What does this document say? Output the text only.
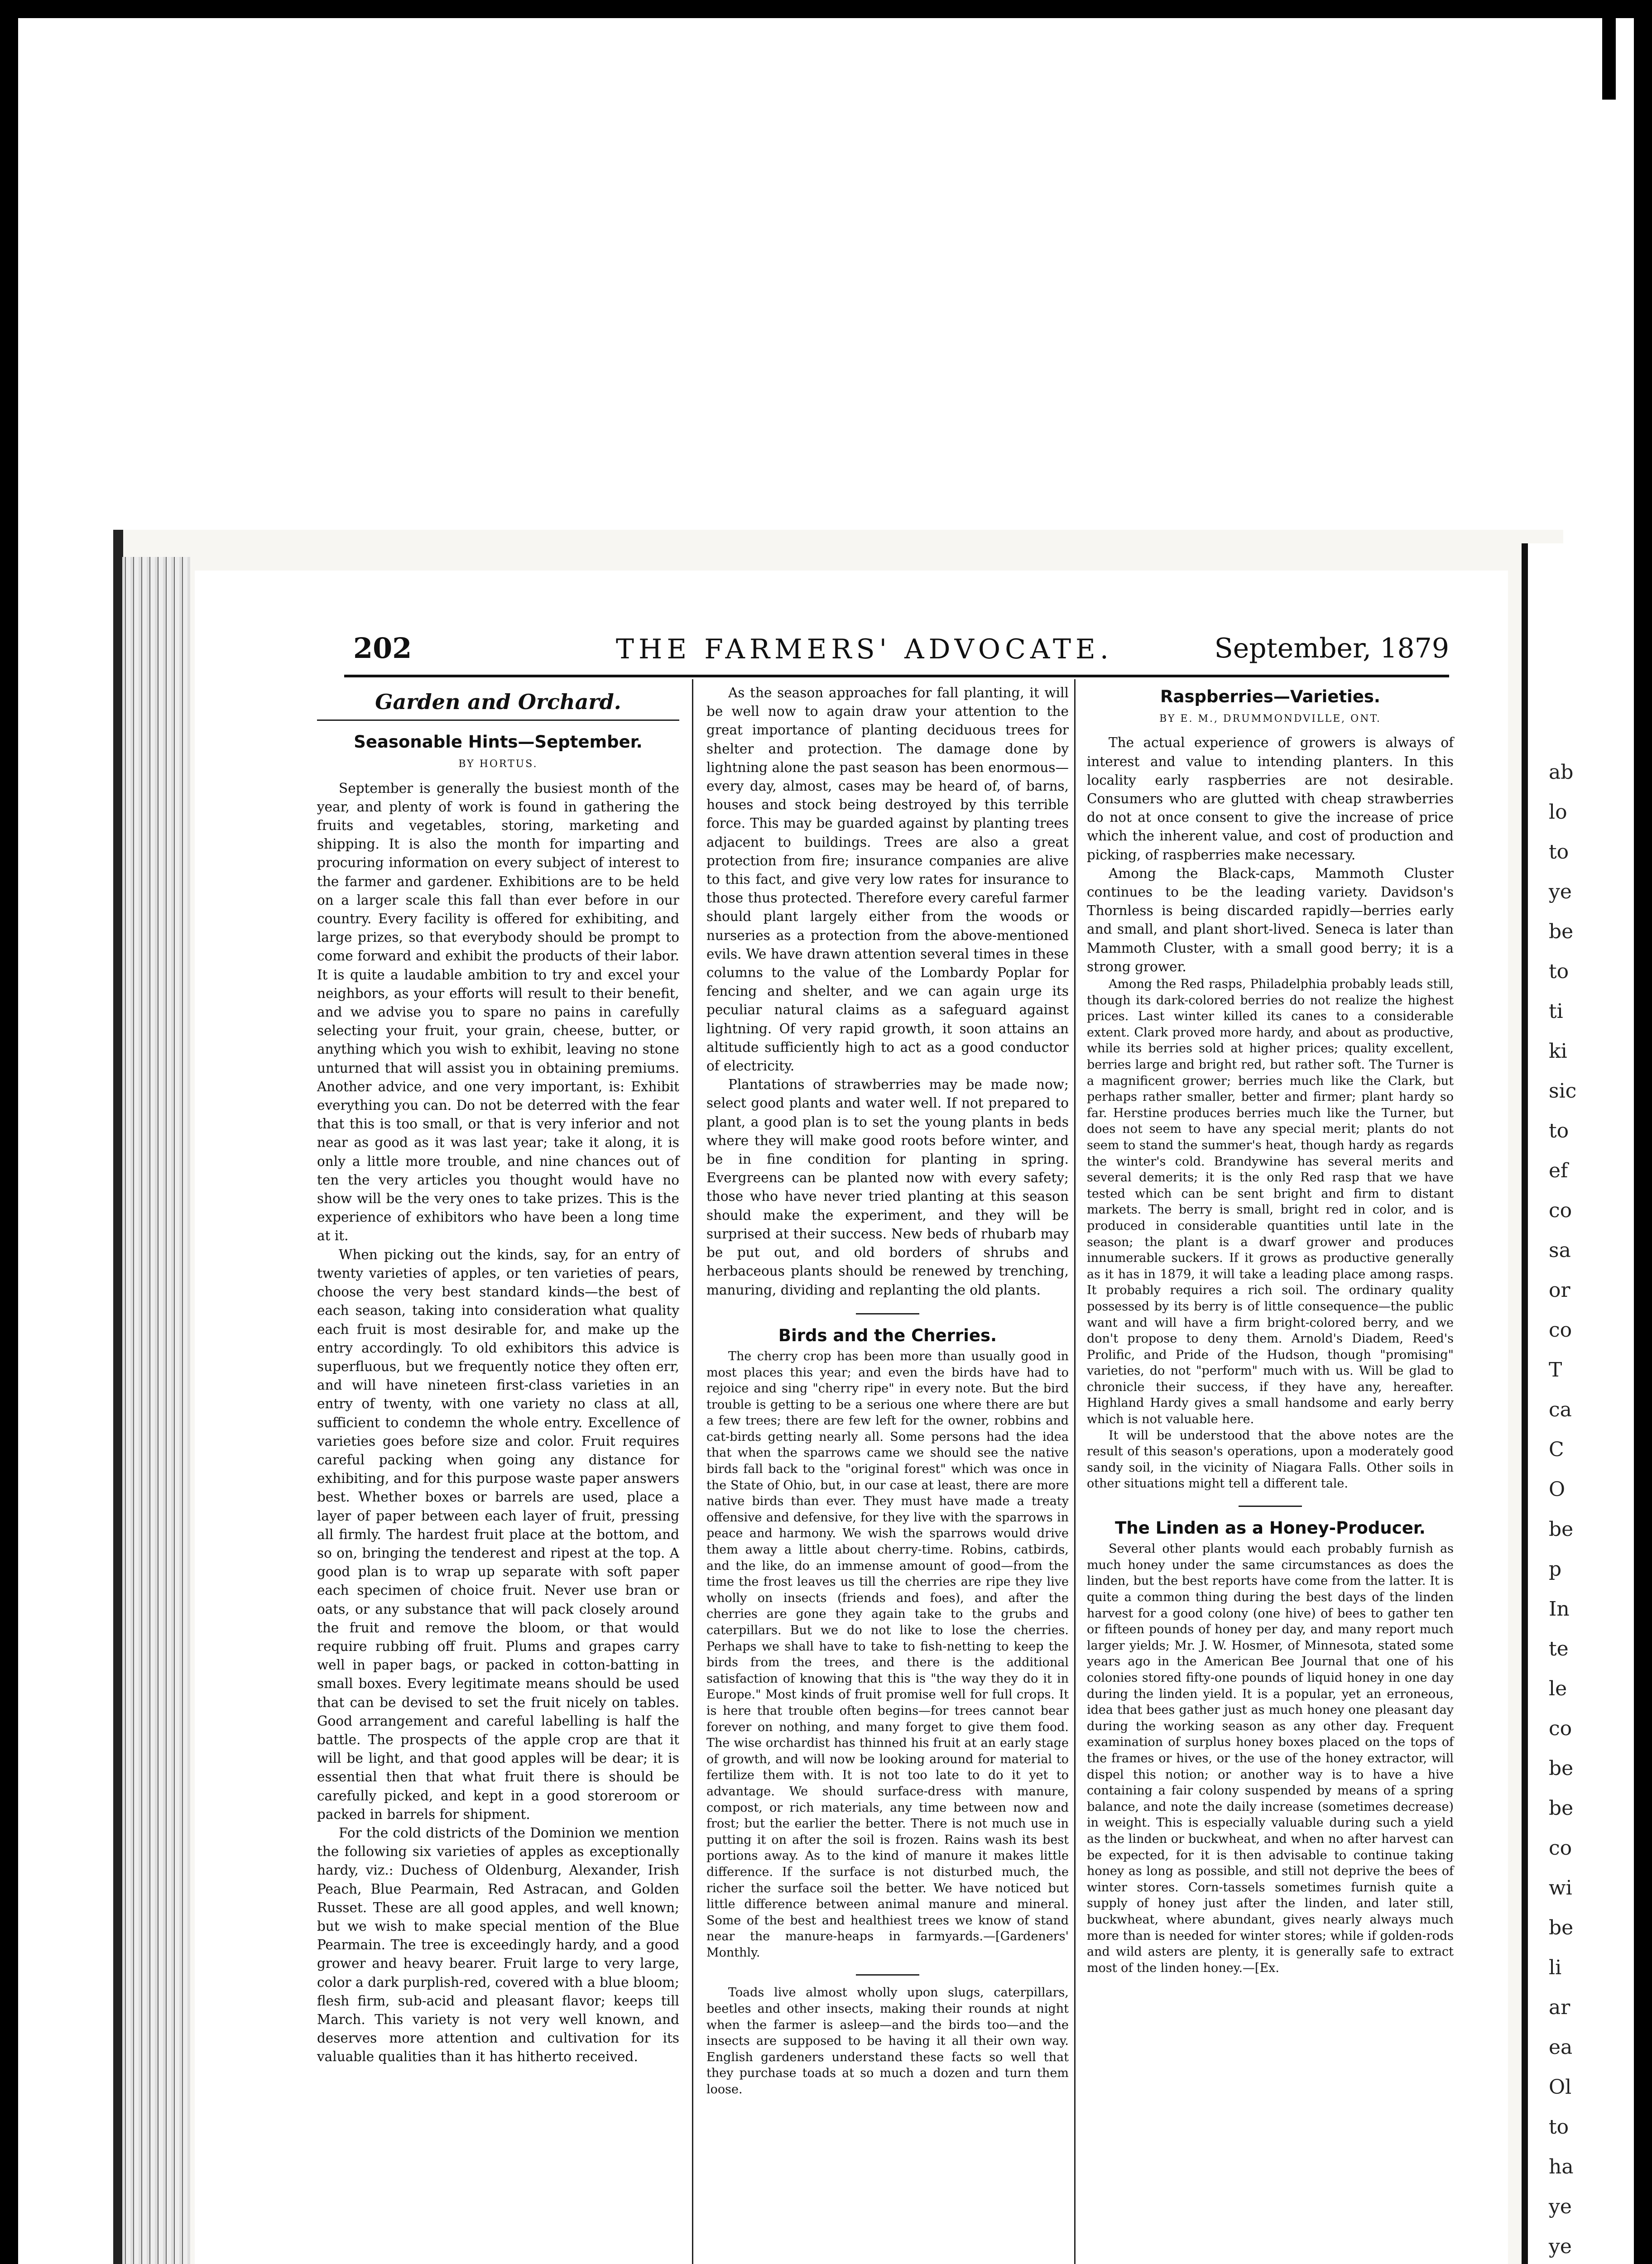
ab
lo
to
ye
be
to
ti
ki
sic
to
ef
co
sa
or
co
T
ca
C
O
be
p
In
te
le
co
be
be
co
wi
be
li
ar
ea
Ol
to
ha
ye
ye
202	THE FARMERS' ADVOCATE.	September, 1879
Garden and Orchard.
Seasonable Hints—September.
BY HORTUS.

September is generally the busiest month of the year, and plenty of work is found in gathering the fruits and vegetables, storing, marketing and shipping. It is also the month for imparting and procuring information on every subject of interest to the farmer and gardener. Exhibitions are to be held on a larger scale this fall than ever before in our country. Every facility is offered for exhibiting, and large prizes, so that everybody should be prompt to come forward and exhibit the products of their labor. It is quite a laudable ambition to try and excel your neighbors, as your efforts will result to their benefit, and we advise you to spare no pains in carefully selecting your fruit, your grain, cheese, butter, or anything which you wish to exhibit, leaving no stone unturned that will assist you in obtaining premiums. Another advice, and one very important, is: Exhibit everything you can. Do not be deterred with the fear that this is too small, or that is very inferior and not near as good as it was last year; take it along, it is only a little more trouble, and nine chances out of ten the very articles you thought would have no show will be the very ones to take prizes. This is the experience of exhibitors who have been a long time at it.

When picking out the kinds, say, for an entry of twenty varieties of apples, or ten varieties of pears, choose the very best standard kinds—the best of each season, taking into consideration what quality each fruit is most desirable for, and make up the entry accordingly. To old exhibitors this advice is superfluous, but we frequently notice they often err, and will have nineteen first-class varieties in an entry of twenty, with one variety no class at all, sufficient to condemn the whole entry. Excellence of varieties goes before size and color. Fruit requires careful packing when going any distance for exhibiting, and for this purpose waste paper answers best. Whether boxes or barrels are used, place a layer of paper between each layer of fruit, pressing all firmly. The hardest fruit place at the bottom, and so on, bringing the tenderest and ripest at the top. A good plan is to wrap up separate with soft paper each specimen of choice fruit. Never use bran or oats, or any substance that will pack closely around the fruit and remove the bloom, or that would require rubbing off fruit. Plums and grapes carry well in paper bags, or packed in cotton-batting in small boxes. Every legitimate means should be used that can be devised to set the fruit nicely on tables. Good arrangement and careful labelling is half the battle. The prospects of the apple crop are that it will be light, and that good apples will be dear; it is essential then that what fruit there is should be carefully picked, and kept in a good storeroom or packed in barrels for shipment.

For the cold districts of the Dominion we mention the following six varieties of apples as exceptionally hardy, viz.: Duchess of Oldenburg, Alexander, Irish Peach, Blue Pearmain, Red Astracan, and Golden Russet. These are all good apples, and well known; but we wish to make special mention of the Blue Pearmain. The tree is exceedingly hardy, and a good grower and heavy bearer. Fruit large to very large, color a dark purplish-red, covered with a blue bloom; flesh firm, sub-acid and pleasant flavor; keeps till March. This variety is not very well known, and deserves more attention and cultivation for its valuable qualities than it has hitherto received.

As the season approaches for fall planting, it will be well now to again draw your attention to the great importance of planting deciduous trees for shelter and protection. The damage done by lightning alone the past season has been enormous—every day, almost, cases may be heard of, of barns, houses and stock being destroyed by this terrible force. This may be guarded against by planting trees adjacent to buildings. Trees are also a great protection from fire; insurance companies are alive to this fact, and give very low rates for insurance to those thus protected. Therefore every careful farmer should plant largely either from the woods or nurseries as a protection from the above-mentioned evils. We have drawn attention several times in these columns to the value of the Lombardy Poplar for fencing and shelter, and we can again urge its peculiar natural claims as a safeguard against lightning. Of very rapid growth, it soon attains an altitude sufficiently high to act as a good conductor of electricity.

Plantations of strawberries may be made now; select good plants and water well. If not prepared to plant, a good plan is to set the young plants in beds where they will make good roots before winter, and be in fine condition for planting in spring. Evergreens can be planted now with every safety; those who have never tried planting at this season should make the experiment, and they will be surprised at their success. New beds of rhubarb may be put out, and old borders of shrubs and herbaceous plants should be renewed by trenching, manuring, dividing and replanting the old plants.

Birds and the Cherries.

The cherry crop has been more than usually good in most places this year; and even the birds have had to rejoice and sing "cherry ripe" in every note. But the bird trouble is getting to be a serious one where there are but a few trees; there are few left for the owner, robbins and cat-birds getting nearly all. Some persons had the idea that when the sparrows came we should see the native birds fall back to the "original forest" which was once in the State of Ohio, but, in our case at least, there are more native birds than ever. They must have made a treaty offensive and defensive, for they live with the sparrows in peace and harmony. We wish the sparrows would drive them away a little about cherry-time. Robins, catbirds, and the like, do an immense amount of good—from the time the frost leaves us till the cherries are ripe they live wholly on insects (friends and foes), and after the cherries are gone they again take to the grubs and caterpillars. But we do not like to lose the cherries. Perhaps we shall have to take to fish-netting to keep the birds from the trees, and there is the additional satisfaction of knowing that this is "the way they do it in Europe." Most kinds of fruit promise well for full crops. It is here that trouble often begins—for trees cannot bear forever on nothing, and many forget to give them food. The wise orchardist has thinned his fruit at an early stage of growth, and will now be looking around for material to fertilize them with. It is not too late to do it yet to advantage. We should surface-dress with manure, compost, or rich materials, any time between now and frost; but the earlier the better. There is not much use in putting it on after the soil is frozen. Rains wash its best portions away. As to the kind of manure it makes little difference. If the surface is not disturbed much, the richer the surface soil the better. We have noticed but little difference between animal manure and mineral. Some of the best and healthiest trees we know of stand near the manure-heaps in farmyards.—[Gardeners' Monthly.

Toads live almost wholly upon slugs, caterpillars, beetles and other insects, making their rounds at night when the farmer is asleep—and the birds too—and the insects are supposed to be having it all their own way. English gardeners understand these facts so well that they purchase toads at so much a dozen and turn them loose.

Raspberries—Varieties.
BY E. M., DRUMMONDVILLE, ONT.

The actual experience of growers is always of interest and value to intending planters. In this locality early raspberries are not desirable. Consumers who are glutted with cheap strawberries do not at once consent to give the increase of price which the inherent value, and cost of production and picking, of raspberries make necessary.

Among the Black-caps, Mammoth Cluster continues to be the leading variety. Davidson's Thornless is being discarded rapidly—berries early and small, and plant short-lived. Seneca is later than Mammoth Cluster, with a small good berry; it is a strong grower.

Among the Red rasps, Philadelphia probably leads still, though its dark-colored berries do not realize the highest prices. Last winter killed its canes to a considerable extent. Clark proved more hardy, and about as productive, while its berries sold at higher prices; quality excellent, berries large and bright red, but rather soft. The Turner is a magnificent grower; berries much like the Clark, but perhaps rather smaller, better and firmer; plant hardy so far. Herstine produces berries much like the Turner, but does not seem to have any special merit; plants do not seem to stand the summer's heat, though hardy as regards the winter's cold. Brandywine has several merits and several demerits; it is the only Red rasp that we have tested which can be sent bright and firm to distant markets. The berry is small, bright red in color, and is produced in considerable quantities until late in the season; the plant is a dwarf grower and produces innumerable suckers. If it grows as productive generally as it has in 1879, it will take a leading place among rasps. It probably requires a rich soil. The ordinary quality possessed by its berry is of little consequence—the public want and will have a firm bright-colored berry, and we don't propose to deny them. Arnold's Diadem, Reed's Prolific, and Pride of the Hudson, though "promising" varieties, do not "perform" much with us. Will be glad to chronicle their success, if they have any, hereafter. Highland Hardy gives a small handsome and early berry which is not valuable here.

It will be understood that the above notes are the result of this season's operations, upon a moderately good sandy soil, in the vicinity of Niagara Falls. Other soils in other situations might tell a different tale.

The Linden as a Honey-Producer.

Several other plants would each probably furnish as much honey under the same circumstances as does the linden, but the best reports have come from the latter. It is quite a common thing during the best days of the linden harvest for a good colony (one hive) of bees to gather ten or fifteen pounds of honey per day, and many report much larger yields; Mr. J. W. Hosmer, of Minnesota, stated some years ago in the American Bee Journal that one of his colonies stored fifty-one pounds of liquid honey in one day during the linden yield. It is a popular, yet an erroneous, idea that bees gather just as much honey one pleasant day during the working season as any other day. Frequent examination of surplus honey boxes placed on the tops of the frames or hives, or the use of the honey extractor, will dispel this notion; or another way is to have a hive containing a fair colony suspended by means of a spring balance, and note the daily increase (sometimes decrease) in weight. This is especially valuable during such a yield as the linden or buckwheat, and when no after harvest can be expected, for it is then advisable to continue taking honey as long as possible, and still not deprive the bees of winter stores. Corn-tassels sometimes furnish quite a supply of honey just after the linden, and later still, buckwheat, where abundant, gives nearly always much more than is needed for winter stores; while if golden-rods and wild asters are plenty, it is generally safe to extract most of the linden honey.—[Ex.
